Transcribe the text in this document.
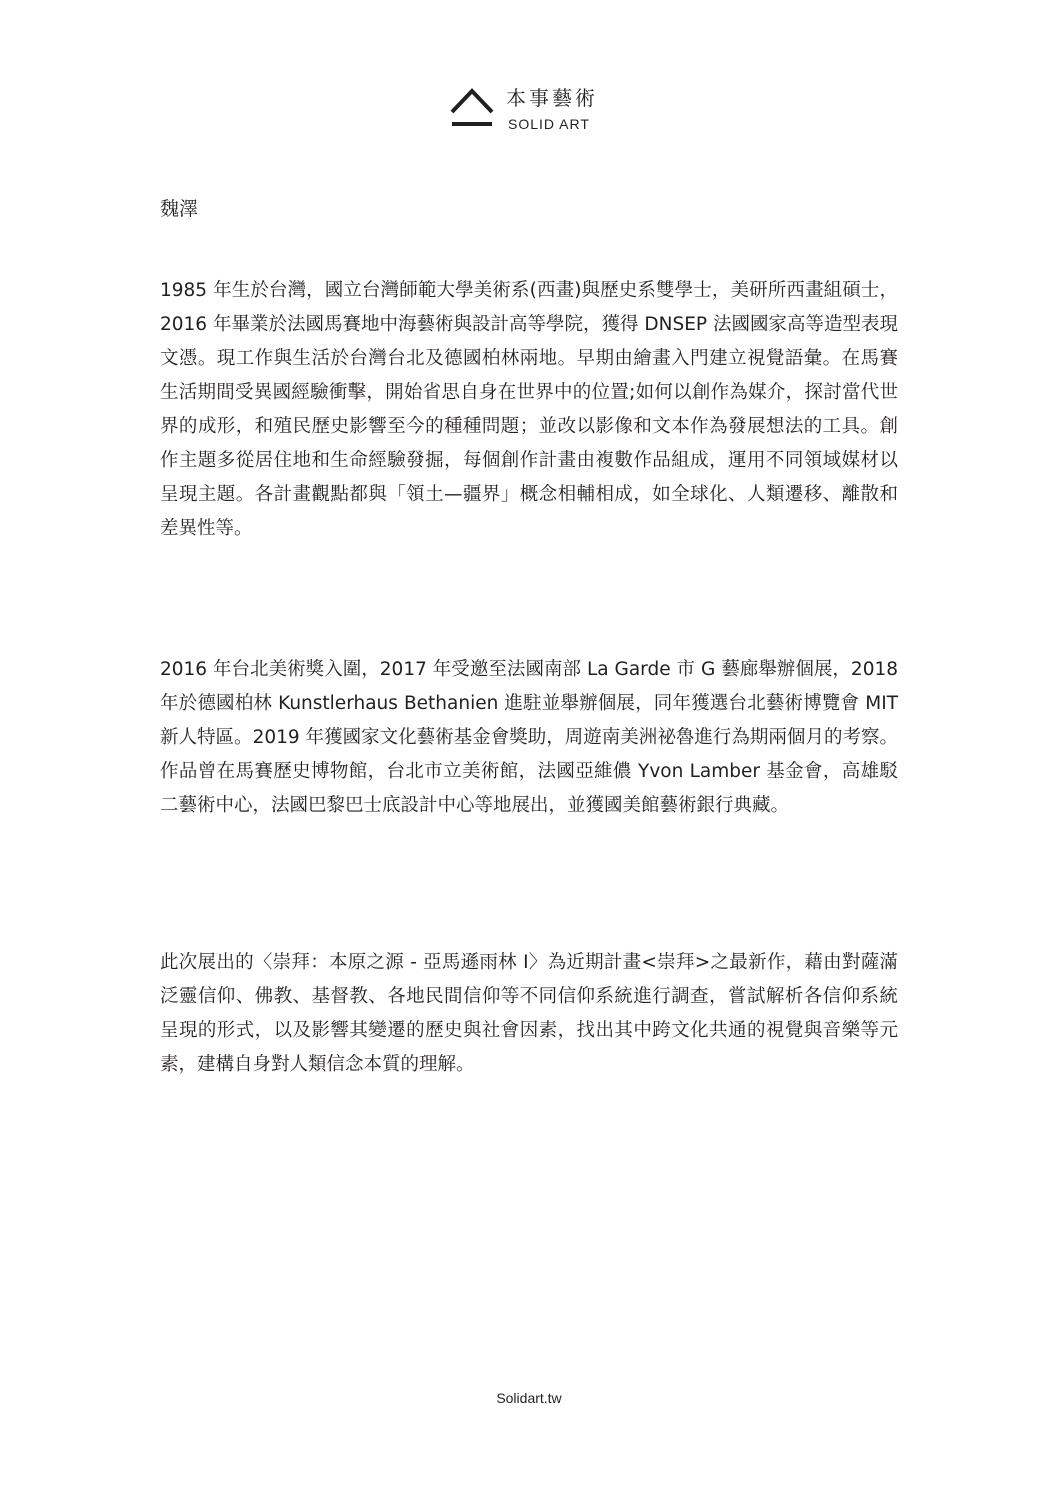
本事藝術
SOLID ART

魏澤

1985 年生於台灣，國立台灣師範大學美術系(西畫)與歷史系雙學士，美研所西畫組碩士，2016 年畢業於法國馬賽地中海藝術與設計高等學院，獲得 DNSEP 法國國家高等造型表現文憑。現工作與生活於台灣台北及德國柏林兩地。早期由繪畫入門建立視覺語彙。在馬賽生活期間受異國經驗衝擊，開始省思自身在世界中的位置;如何以創作為媒介，探討當代世界的成形，和殖民歷史影響至今的種種問題；並改以影像和文本作為發展想法的工具。創作主題多從居住地和生命經驗發掘，每個創作計畫由複數作品組成，運用不同領域媒材以呈現主題。各計畫觀點都與「領土—疆界」概念相輔相成，如全球化、人類遷移、離散和 差異性等。

2016 年台北美術獎入圍，2017 年受邀至法國南部 La Garde 市 G 藝廊舉辦個展，2018 年於德國柏林 Kunstlerhaus Bethanien 進駐並舉辦個展，同年獲選台北藝術博覽會 MIT 新人特區。2019 年獲國家文化藝術基金會獎助，周遊南美洲祕魯進行為期兩個月的考察。作品曾在馬賽歷史博物館，台北市立美術館，法國亞維儂 Yvon Lamber 基金會，高雄駁二藝術中心，法國巴黎巴士底設計中心等地展出，並獲國美館藝術銀行典藏。

此次展出的〈崇拜：本原之源 - 亞馬遜雨林 I〉為近期計畫<崇拜>之最新作，藉由對薩滿泛靈信仰、佛教、基督教、各地民間信仰等不同信仰系統進行調查，嘗試解析各信仰系統呈現的形式，以及影響其變遷的歷史與社會因素，找出其中跨文化共通的視覺與音樂等元素，建構自身對人類信念本質的理解。

Solidart.tw
